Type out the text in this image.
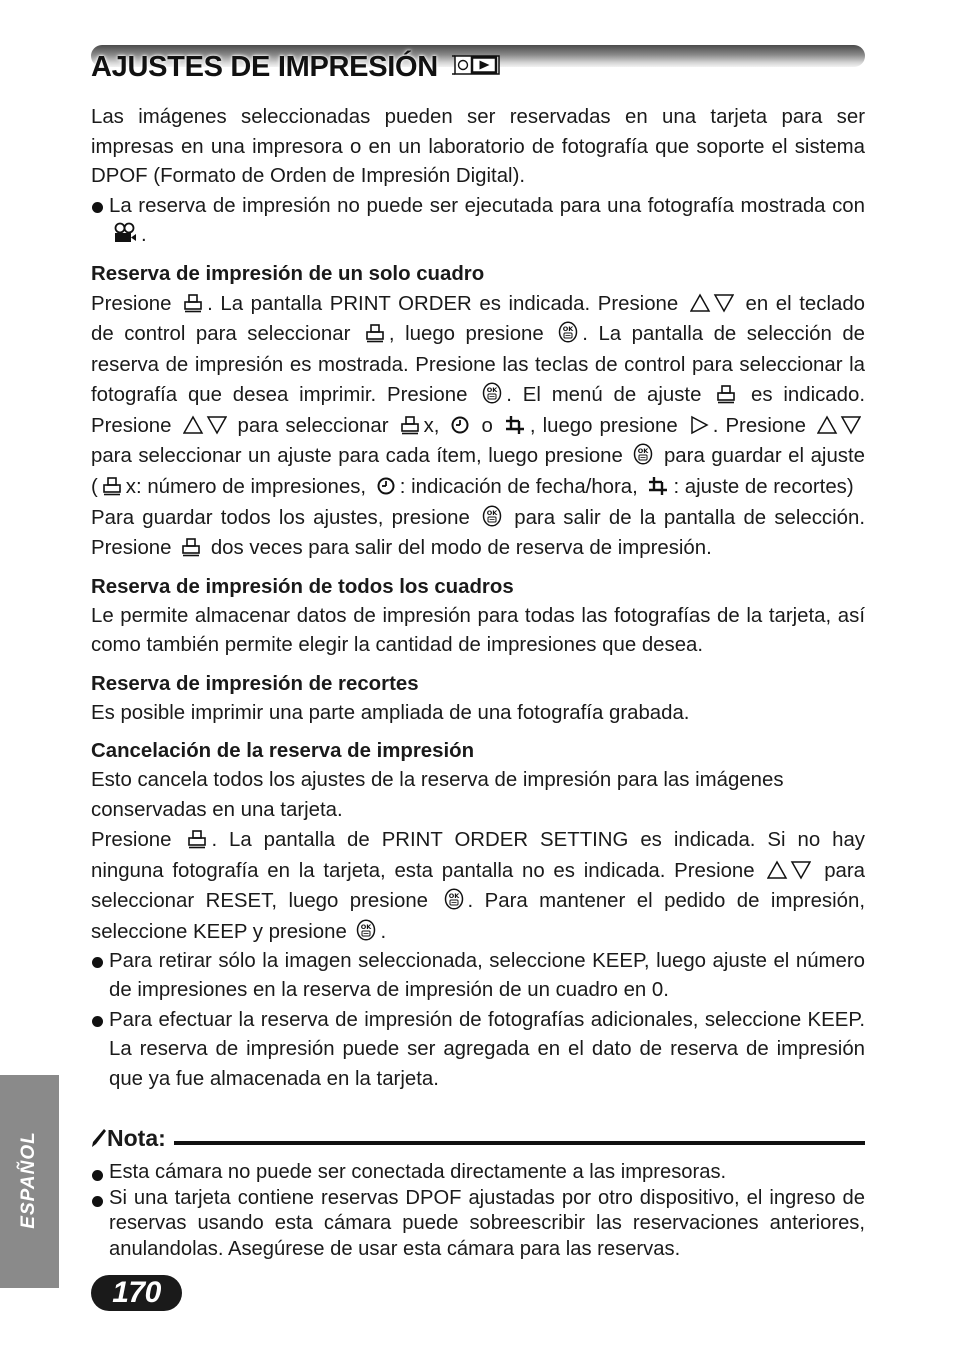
AJUSTES DE IMPRESIÓN

Las imágenes seleccionadas pueden ser reservadas en una tarjeta para ser impresas en una impresora o en un laboratorio de fotografía que soporte el sistema DPOF (Formato de Orden de Impresión Digital).

La reserva de impresión no puede ser ejecutada para una fotografía mostrada con
.
Reserva de impresión de un solo cuadro

Presione . La pantalla PRINT ORDER es indicada. Presione	en el teclado de control para seleccionar , luego presione . La pantalla de selección de reserva de impresión es mostrada. Presione las teclas de control para seleccionar la fotografía que desea imprimir. Presione . El menú de ajuste es indicado. Presione	para seleccionar x, o , luego presione . Presione
para seleccionar un ajuste para cada ítem, luego presione para guardar el ajuste ( x: número de impresiones, : indicación de fecha/hora, : ajuste de recortes)

Para guardar todos los ajustes, presione para salir de la pantalla de selección. Presione dos veces para salir del modo de reserva de impresión.

Reserva de impresión de todos los cuadros

Le permite almacenar datos de impresión para todas las fotografías de la tarjeta, así como también permite elegir la cantidad de impresiones que desea.

Reserva de impresión de recortes

Es posible imprimir una parte ampliada de una fotografía grabada.

Cancelación de la reserva de impresión

Esto cancela todos los ajustes de la reserva de impresión para las imágenes conservadas en una tarjeta.

Presione . La pantalla de PRINT ORDER SETTING es indicada. Si no hay ninguna fotografía en la tarjeta, esta pantalla no es indicada. Presione	para seleccionar RESET, luego presione . Para mantener el pedido de impresión, seleccione KEEP y presione .

Para retirar sólo la imagen seleccionada, seleccione KEEP, luego ajuste el número de impresiones en la reserva de impresión de un cuadro en 0.
Para efectuar la reserva de impresión de fotografías adicionales, seleccione KEEP. La reserva de impresión puede ser agregada en el dato de reserva de impresión que ya fue almacenada en la tarjeta.
Nota:
Esta cámara no puede ser conectada directamente a las impresoras.
Si una tarjeta contiene reservas DPOF ajustadas por otro dispositivo, el ingreso de reservas usando esta cámara puede sobreescribir las reservaciones anteriores, anulandolas. Asegúrese de usar esta cámara para las reservas.
ESPAÑOL
170
